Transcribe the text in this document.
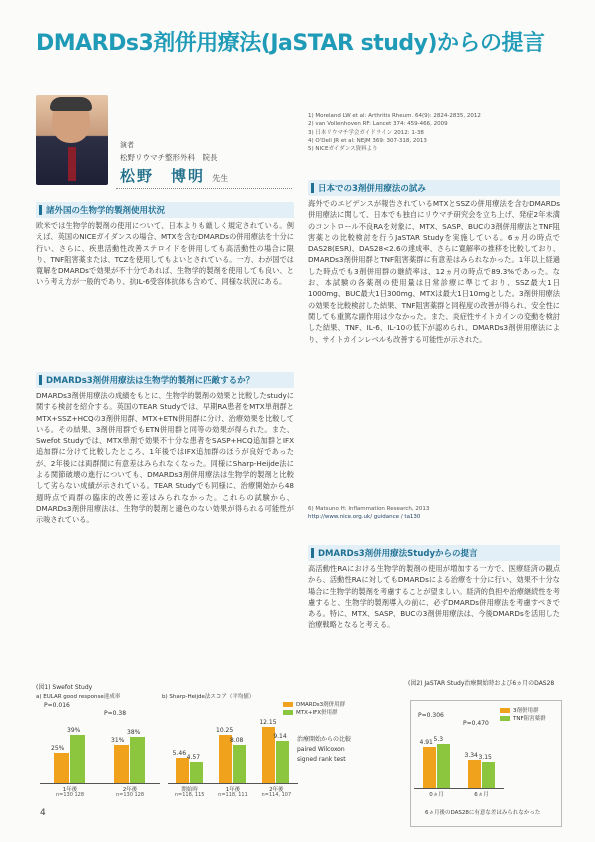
DMARDs3剤併用療法(JaSTAR study)からの提言
演者
松野リウマチ整形外科　院長
松野　博明 先生
諸外国の生物学的製剤使用状況
欧米では生物学的製剤の使用について、日本よりも厳しく規定されている。例えば、英国のNICEガイダンスの場合、MTXを含むDMARDsの併用療法を十分に行い、さらに、疾患活動性改善ステロイドを併用しても高活動性の場合に限り、TNF阻害薬または、TCZを使用してもよいとされている。一方、わが国では寛解をDMARDsで効果が不十分であれば、生物学的製剤を使用しても良い、という考え方が一般的であり、抗IL-6受容体抗体も含めて、同様な状況にある。
DMARDs3剤併用療法は生物学的製剤に匹敵するか？
DMARDs3剤併用療法の成績をもとに、生物学的製剤の効果と比較したstudyに関する検討を紹介する。英国のTEAR Studyでは、早期RA患者をMTX単剤群とMTX+SSZ+HCQの3剤併用群、MTX+ETN併用群に分け、治療効果を比較している。その結果、3剤併用群でもETN併用群と同等の効果が得られた。また、Swefot Studyでは、MTX単剤で効果不十分な患者をSASP+HCQ追加群とIFX追加群に分けて比較したところ、1年後ではIFX追加群のほうが良好であったが、2年後には両群間に有意差はみられなくなった。同様にSharp-Heijde法による関節破壊の進行についても、DMARDs3剤併用療法は生物学的製剤と比較して劣らない成績が示されている。TEAR Studyでも同様に、治療開始から48週時点で両群の臨床的改善に差はみられなかった。これらの試験から、DMARDs3剤併用療法は、生物学的製剤と遜色のない効果が得られる可能性が示唆されている。
1) Moreland LW et al: Arthritis Rheum. 64(9): 2824-2835, 2012
2) van Vollenhoven RF: Lancet 374: 459-466, 2009
3) 日本リウマチ学会ガイドライン 2012: 1-38
4) O'Dell JR et al: NEJM 369: 307-318, 2013
5) NICEガイダンス資料より
日本での3剤併用療法の試み
海外でのエビデンスが報告されているMTXとSSZの併用療法を含むDMARDs併用療法に関して、日本でも独自にリウマチ研究会を立ち上げ、発症2年未満のコントロール不良RAを対象に、MTX、SASP、BUCの3剤併用療法とTNF阻害薬との比較検討を行うJaSTAR Studyを実施している。6ヵ月の時点でDAS28(ESR)、DAS28<2.6の達成率、さらに寛解率の推移を比較しており、DMARDs3剤併用群とTNF阻害薬群に有意差はみられなかった。1年以上経過した時点でも3剤併用群の継続率は、12ヵ月の時点で89.3%であった。なお、本試験の各薬剤の使用量は日常診療に準じており、SSZ最大1日1000mg、BUC最大1日300mg、MTXは最大1日10mgとした。3剤併用療法の効果を比較検討した結果、TNF阻害薬群と同程度の改善が得られ、安全性に関しても重篤な副作用は少なかった。また、炎症性サイトカインの変動を検討した結果、TNF、IL-6、IL-10の低下が認められ、DMARDs3剤併用療法により、サイトカインレベルも改善する可能性が示された。
6) Matsuno H: Inflammation Research, 2013
http://www.nice.org.uk/ guidance / ta130
DMARDs3剤併用療法Studyからの提言
高活動性RAにおける生物学的製剤の使用が増加する一方で、医療経済の観点から、活動性RAに対してもDMARDsによる治療を十分に行い、効果不十分な場合に生物学的製剤を考慮することが望ましい。経済的負担や治療継続性を考慮すると、生物学的製剤導入の前に、必ずDMARDs併用療法を考慮すべきである。特に、MTX、SASP、BUCの3剤併用療法は、今後DMARDsを活用した治療戦略となると考える。
(図1) Swefot Study
a) EULAR good response達成率	b) Sharp-Heijde法スコア（平均値）
DMARDs3剤併用群
MTX+IFX併用群
治療開始からの比較
paired Wilcoxon
signed rank test
25%
39%
1年後
n=130 128
31%
38%
2年後
n=130 128
P=0.016
P=0.38
5.46
4.57
開始時
n=118, 115
10.25
8.08
1年後
n=118, 111
12.15
9.14
2年後
n=114, 107
(図2) JaSTAR Study治療開始時および6ヵ月のDAS28
3剤併用群
TNF阻害薬群
4.91 5.3
0ヵ月
3.34 3.15
6ヵ月
P=0.306
P=0.470
6ヵ月後のDAS28に有意な差はみられなかった
4
